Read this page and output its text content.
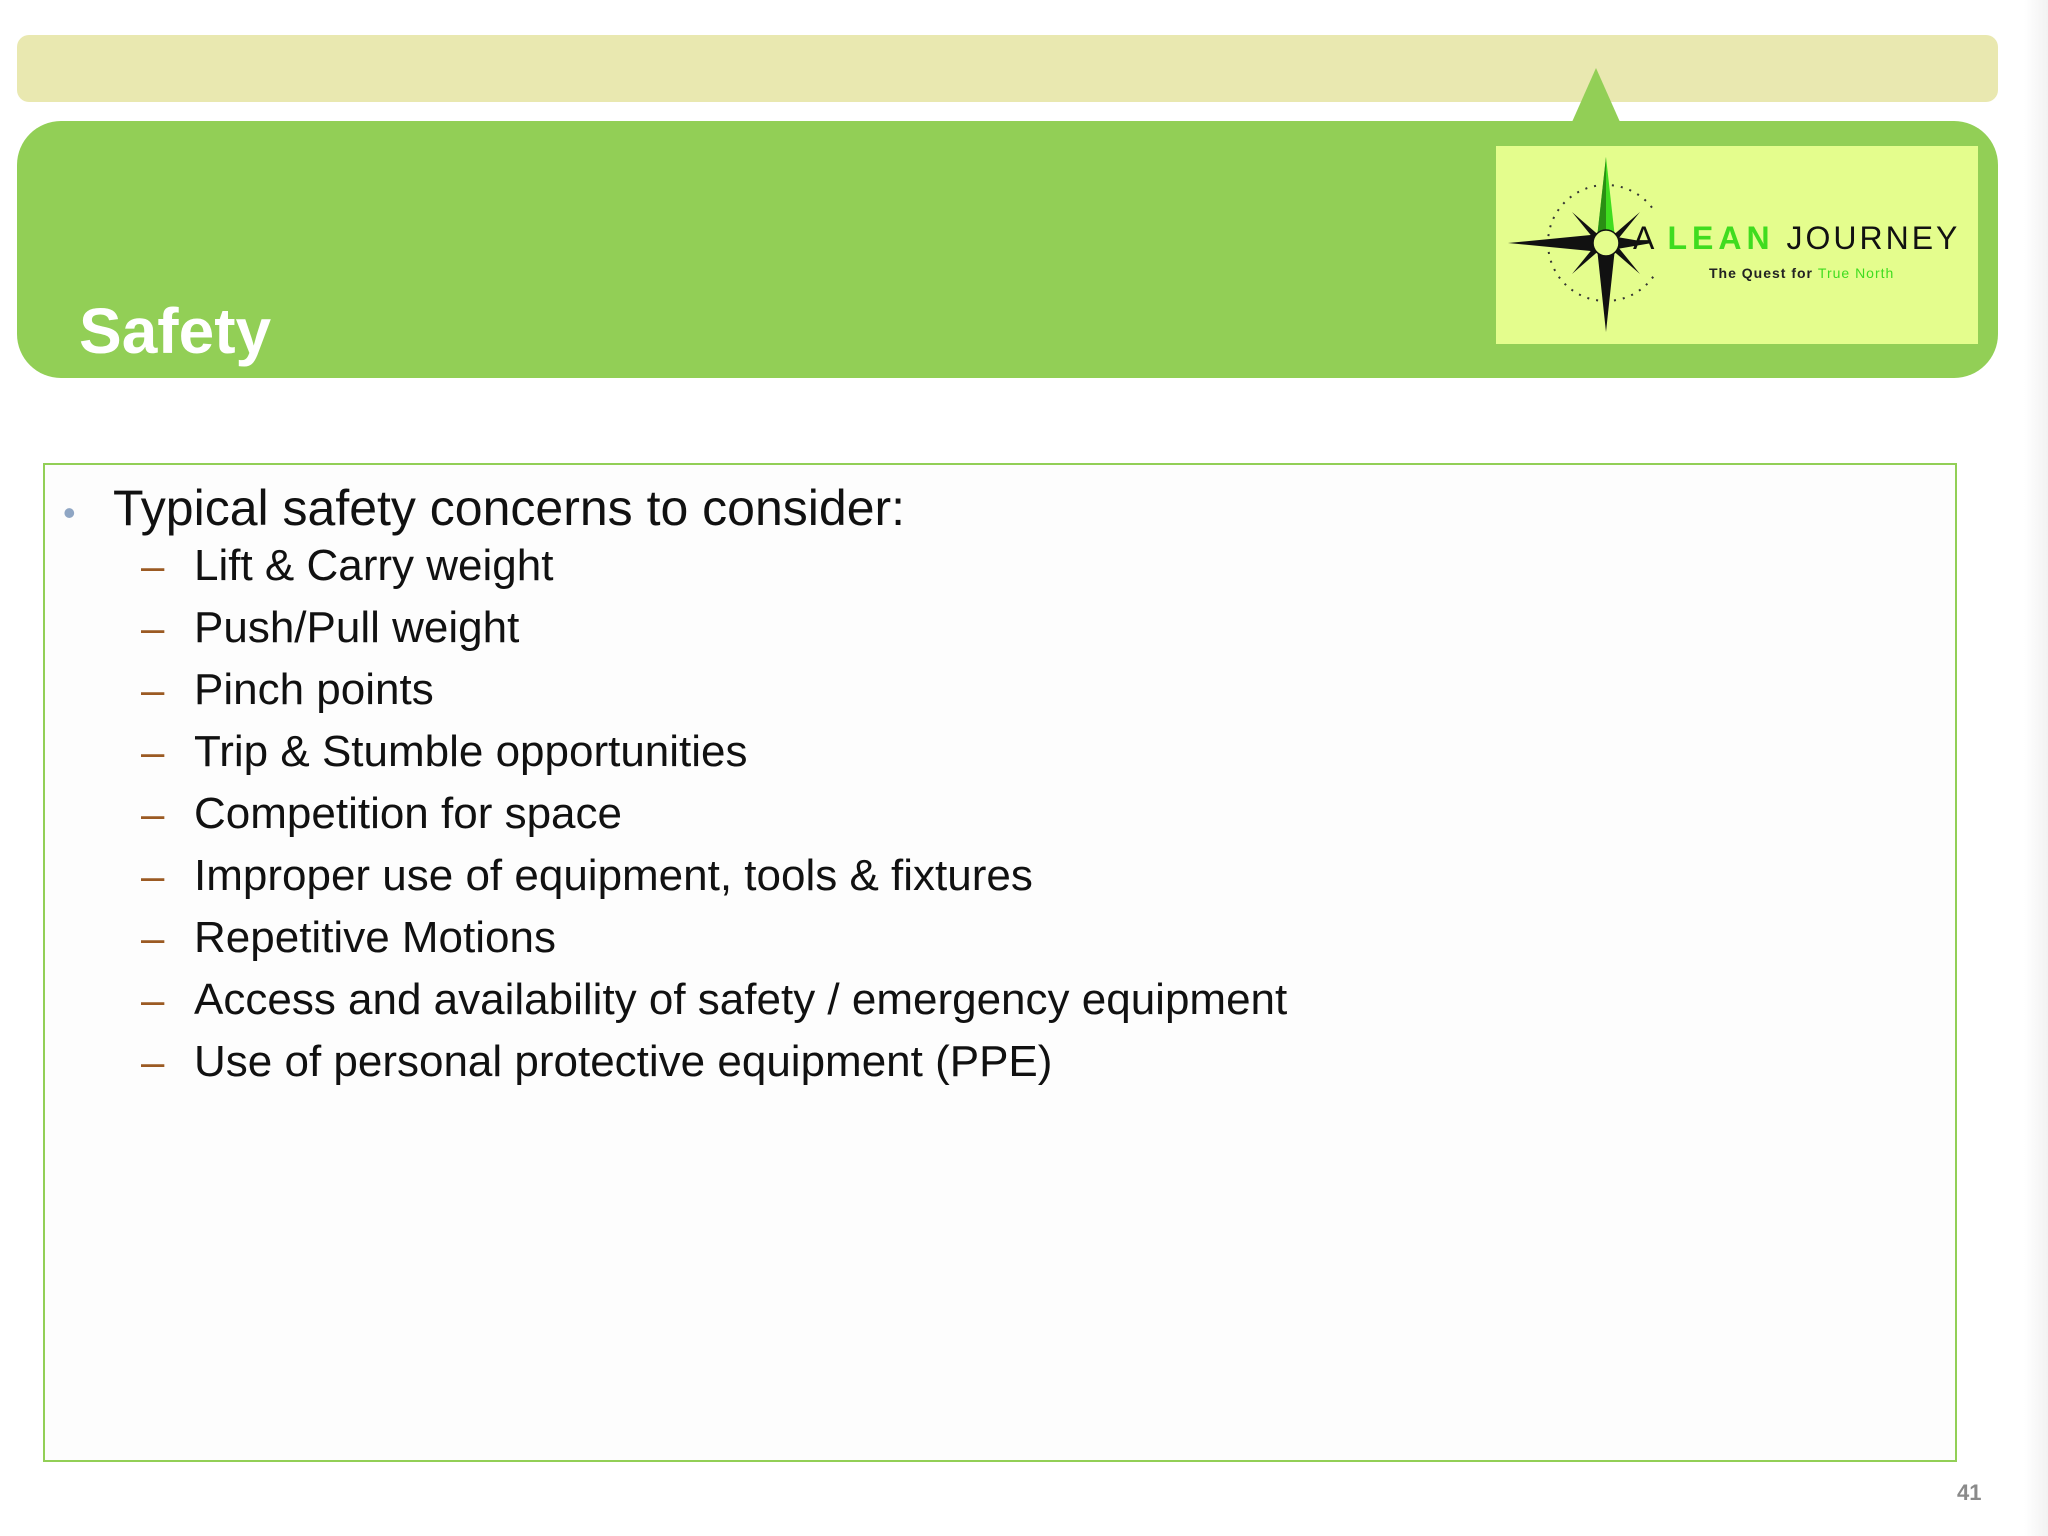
Safety
A LEAN JOURNEY
The Quest for True North
• Typical safety concerns to consider:
– Lift & Carry weight
– Push/Pull weight
– Pinch points
– Trip & Stumble opportunities
– Competition for space
– Improper use of equipment, tools & fixtures
– Repetitive Motions
– Access and availability of safety / emergency equipment
– Use of personal protective equipment (PPE)
41
